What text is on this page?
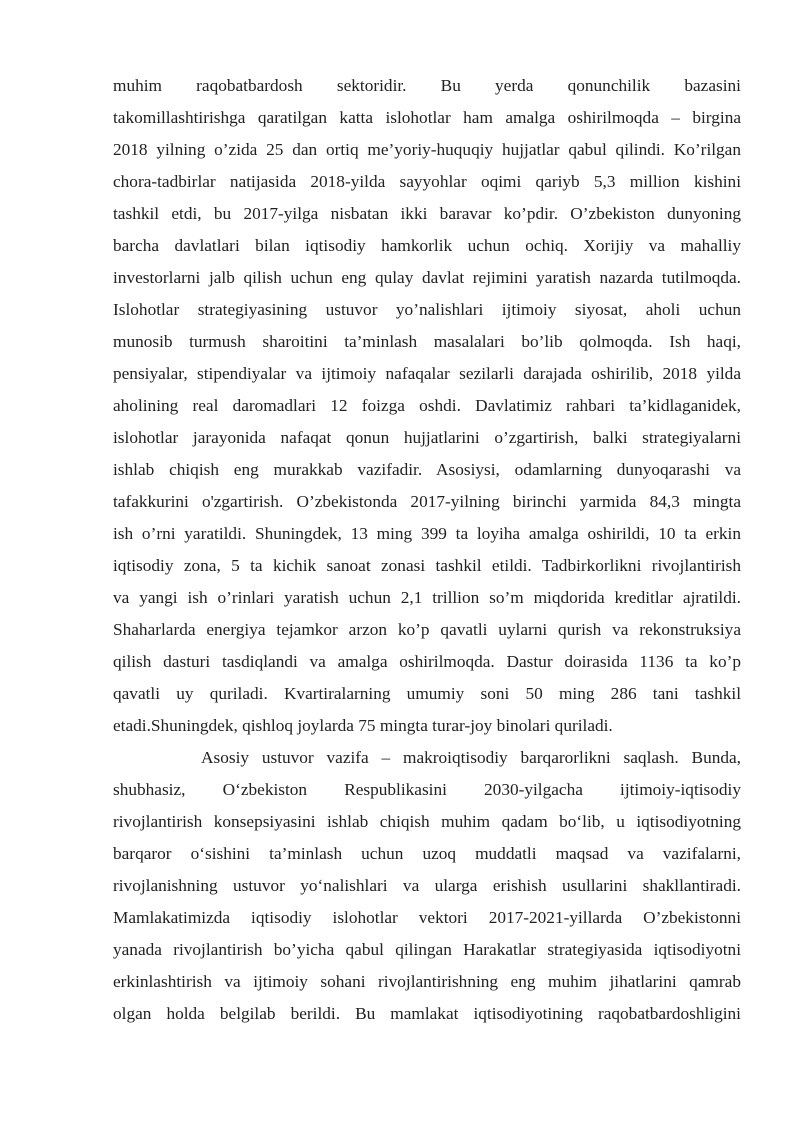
muhim raqobatbardosh sektoridir. Bu yerda qonunchilik bazasini
takomillashtirishga qaratilgan katta islohotlar ham amalga oshirilmoqda – birgina
2018 yilning o’zida 25 dan ortiq me’yoriy-huquqiy hujjatlar qabul qilindi. Ko’rilgan
chora-tadbirlar natijasida 2018-yilda sayyohlar oqimi qariyb 5,3 million kishini
tashkil etdi, bu 2017-yilga nisbatan ikki baravar ko’pdir. O’zbekiston dunyoning
barcha davlatlari bilan iqtisodiy hamkorlik uchun ochiq. Xorijiy va mahalliy
investorlarni jalb qilish uchun eng qulay davlat rejimini yaratish nazarda tutilmoqda.
Islohotlar strategiyasining ustuvor yo’nalishlari ijtimoiy siyosat, aholi uchun
munosib turmush sharoitini ta’minlash masalalari bo’lib qolmoqda. Ish haqi,
pensiyalar, stipendiyalar va ijtimoiy nafaqalar sezilarli darajada oshirilib, 2018 yilda
aholining real daromadlari 12 foizga oshdi. Davlatimiz rahbari ta’kidlaganidek,
islohotlar jarayonida nafaqat qonun hujjatlarini o’zgartirish, balki strategiyalarni
ishlab chiqish eng murakkab vazifadir. Asosiysi, odamlarning dunyoqarashi va
tafakkurini o'zgartirish. O’zbekistonda 2017-yilning birinchi yarmida 84,3 mingta
ish o’rni yaratildi. Shuningdek, 13 ming 399 ta loyiha amalga oshirildi, 10 ta erkin
iqtisodiy zona, 5 ta kichik sanoat zonasi tashkil etildi. Tadbirkorlikni rivojlantirish
va yangi ish o’rinlari yaratish uchun 2,1 trillion so’m miqdorida kreditlar ajratildi.
Shaharlarda energiya tejamkor arzon ko’p qavatli uylarni qurish va rekonstruksiya
qilish dasturi tasdiqlandi va amalga oshirilmoqda. Dastur doirasida 1136 ta ko’p
qavatli uy quriladi. Kvartiralarning umumiy soni 50 ming 286 tani tashkil
etadi.Shuningdek, qishloq joylarda 75 mingta turar-joy binolari quriladi.
Asosiy ustuvor vazifa – makroiqtisodiy barqarorlikni saqlash. Bunda,
shubhasiz, O‘zbekiston Respublikasini 2030-yilgacha ijtimoiy-iqtisodiy
rivojlantirish konsepsiyasini ishlab chiqish muhim qadam bo‘lib, u iqtisodiyotning
barqaror o‘sishini ta’minlash uchun uzoq muddatli maqsad va vazifalarni,
rivojlanishning ustuvor yo‘nalishlari va ularga erishish usullarini shakllantiradi.
Mamlakatimizda iqtisodiy islohotlar vektori 2017-2021-yillarda O’zbekistonni
yanada rivojlantirish bo’yicha qabul qilingan Harakatlar strategiyasida iqtisodiyotni
erkinlashtirish va ijtimoiy sohani rivojlantirishning eng muhim jihatlarini qamrab
olgan holda belgilab berildi. Bu mamlakat iqtisodiyotining raqobatbardoshligini
